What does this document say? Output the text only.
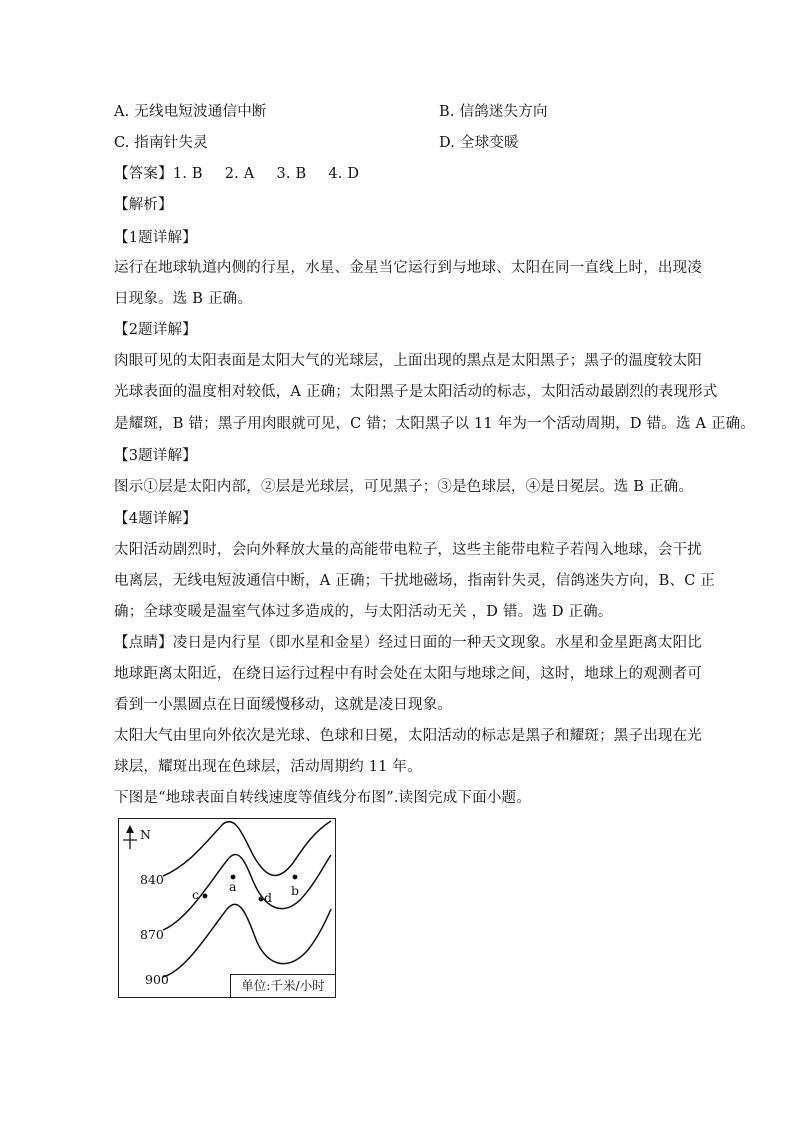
A. 无线电短波通信中断	B. 信鸽迷失方向
C. 指南针失灵	D. 全球变暖
【答案】1. B 2. A 3. B 4. D
【解析】
【1题详解】
运行在地球轨道内侧的行星，水星、金星当它运行到与地球、太阳在同一直线上时，出现凌
日现象。选 B 正确。
【2题详解】
肉眼可见的太阳表面是太阳大气的光球层，上面出现的黑点是太阳黑子；黑子的温度较太阳
光球表面的温度相对较低，A 正确；太阳黑子是太阳活动的标志，太阳活动最剧烈的表现形式
是耀斑，B 错；黑子用肉眼就可见，C 错；太阳黑子以 11 年为一个活动周期，D 错。选 A 正确。
【3题详解】
图示①层是太阳内部，②层是光球层，可见黑子；③是色球层，④是日冕层。选 B 正确。
【4题详解】
太阳活动剧烈时，会向外释放大量的高能带电粒子，这些主能带电粒子若闯入地球，会干扰
电离层，无线电短波通信中断，A 正确；干扰地磁场，指南针失灵，信鸽迷失方向，B、C 正
确；全球变暖是温室气体过多造成的，与太阳活动无关 ，D 错。选 D 正确。
【点睛】凌日是内行星（即水星和金星）经过日面的一种天文现象。水星和金星距离太阳比
地球距离太阳近，在绕日运行过程中有时会处在太阳与地球之间，这时，地球上的观测者可
看到一小黑圆点在日面缓慢移动，这就是凌日现象。
太阳大气由里向外依次是光球、色球和日冕，太阳活动的标志是黑子和耀斑；黑子出现在光
球层，耀斑出现在色球层，活动周期约 11 年。
下图是“地球表面自转线速度等值线分布图”.读图完成下面小题。
N
840
870
900
a	b
c	d
单位:千米/小时
